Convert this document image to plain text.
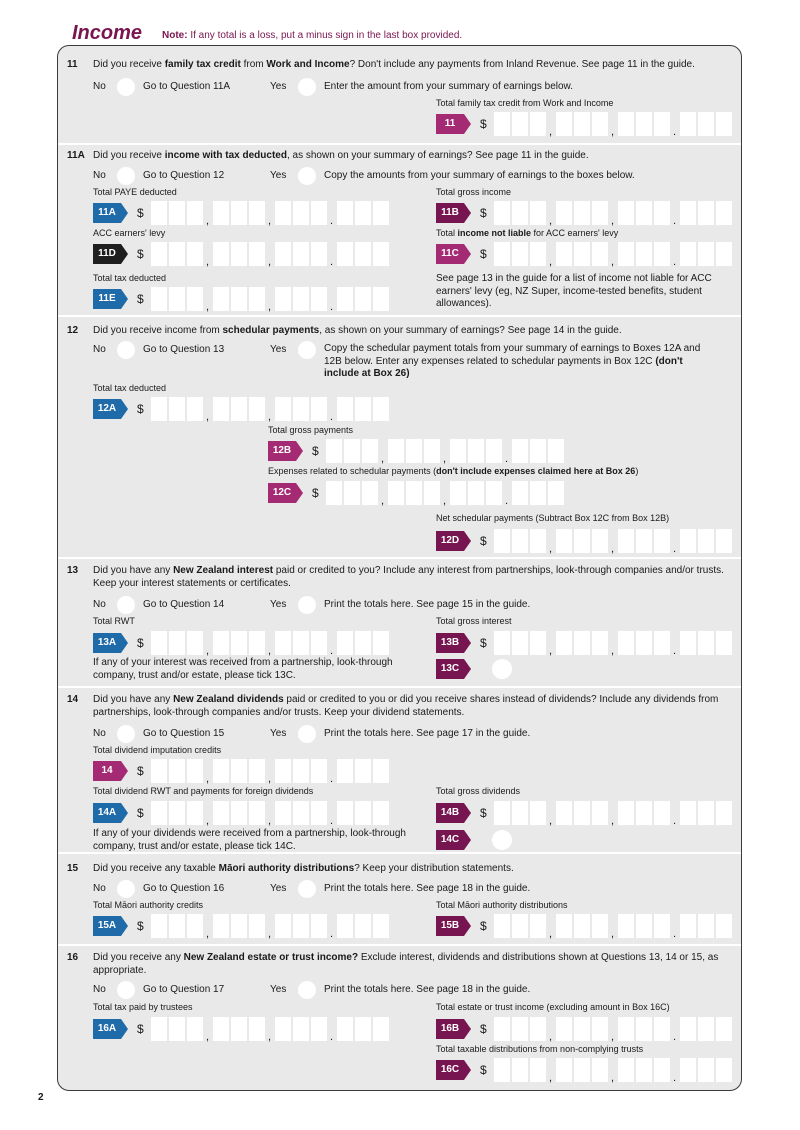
Income Note: If any total is a loss, put a minus sign in the last box provided.
11 Did you receive family tax credit from Work and Income? Don't include any payments from Inland Revenue. See page 11 in the guide.
No	Go to Question 11A	Yes	Enter the amount from your summary of earnings below.
Total family tax credit from Work and Income
11	$
,	,	.
11A Did you receive income with tax deducted, as shown on your summary of earnings? See page 11 in the guide.
No	Go to Question 12	Yes	Copy the amounts from your summary of earnings to the boxes below.
Total PAYE deducted
11A	$
,	,	.
Total gross income
11B	$
,	,	.
ACC earners' levy
11D	$
,	,	.
Total income not liable for ACC earners' levy
11C	$
,	,	.
Total tax deducted
11E	$
,	,	.
See page 13 in the guide for a list of income not liable for ACC earners' levy (eg, NZ Super, income-tested benefits, student allowances).
12 Did you receive income from schedular payments, as shown on your summary of earnings? See page 14 in the guide.
No	Go to Question 13	Yes	Copy the schedular payment totals from your summary of earnings to Boxes 12A and 12B below. Enter any expenses related to schedular payments in Box 12C (don't include at Box 26)
Total tax deducted
12A	$
,	,	.
Total gross payments
12B	$
,	,	.
Expenses related to schedular payments (don't include expenses claimed here at Box 26)
12C	$
,	,	.
Net schedular payments (Subtract Box 12C from Box 12B)
12D	$
,	,	.
13 Did you have any New Zealand interest paid or credited to you? Include any interest from partnerships, look-through companies and/or trusts. Keep your interest statements or certificates.
No	Go to Question 14	Yes	Print the totals here. See page 15 in the guide.
Total RWT
13A	$
,	,	.
Total gross interest
13B	$
,	,	.
If any of your interest was received from a partnership, look-through company, trust and/or estate, please tick 13C.
13C
14 Did you have any New Zealand dividends paid or credited to you or did you receive shares instead of dividends? Include any dividends from partnerships, look-through companies and/or trusts. Keep your dividend statements.
No	Go to Question 15	Yes	Print the totals here. See page 17 in the guide.
Total dividend imputation credits
14	$
,	,	.
Total dividend RWT and payments for foreign dividends
14A	$
,	,	.
Total gross dividends
14B	$
,	,	.
If any of your dividends were received from a partnership, look-through company, trust and/or estate, please tick 14C.
14C
15 Did you receive any taxable Māori authority distributions? Keep your distribution statements.
No	Go to Question 16	Yes	Print the totals here. See page 18 in the guide.
Total Māori authority credits
15A	$
,	,	.
Total Māori authority distributions
15B	$
,	,	.
16 Did you receive any New Zealand estate or trust income? Exclude interest, dividends and distributions shown at Questions 13, 14 or 15, as appropriate.
No	Go to Question 17	Yes	Print the totals here. See page 18 in the guide.
Total tax paid by trustees
16A	$
,	,	.
Total estate or trust income (excluding amount in Box 16C)
16B	$
,	,	.
Total taxable distributions from non-complying trusts
16C	$
,	,	.
2
